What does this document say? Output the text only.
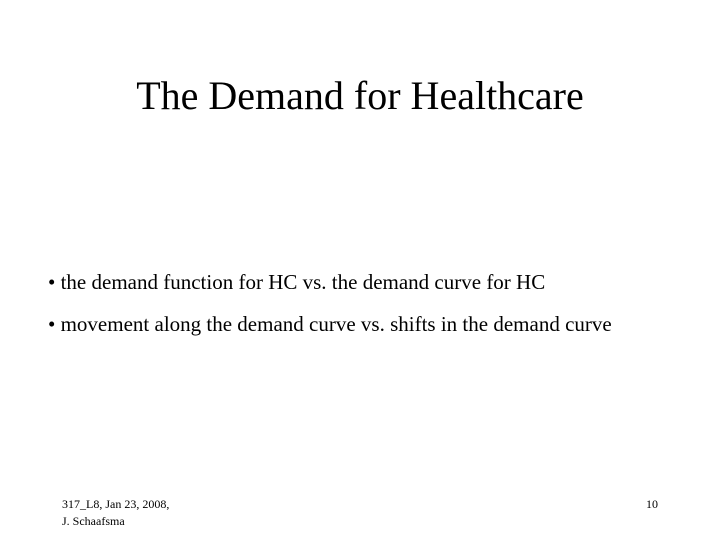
The Demand for Healthcare
• the demand function for HC vs. the demand curve for HC
• movement along the demand curve vs. shifts in the demand curve
317_L8, Jan 23, 2008,
J. Schaafsma
10
